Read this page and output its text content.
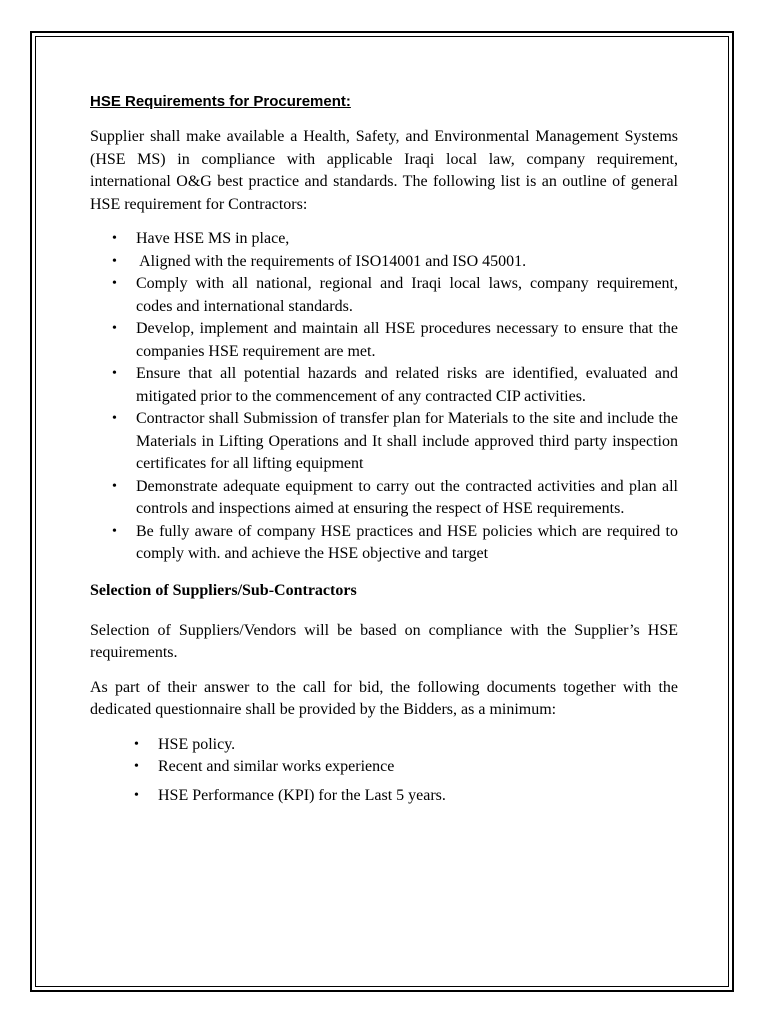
HSE Requirements for Procurement:

Supplier shall make available a Health, Safety, and Environmental Management Systems (HSE MS) in compliance with applicable Iraqi local law, company requirement, international O&G best practice and standards. The following list is an outline of general HSE requirement for Contractors:

• Have HSE MS in place,
• Aligned with the requirements of ISO14001 and ISO 45001.
• Comply with all national, regional and Iraqi local laws, company requirement, codes and international standards.
• Develop, implement and maintain all HSE procedures necessary to ensure that the companies HSE requirement are met.
• Ensure that all potential hazards and related risks are identified, evaluated and mitigated prior to the commencement of any contracted CIP activities.
• Contractor shall Submission of transfer plan for Materials to the site and include the Materials in Lifting Operations and It shall include approved third party inspection certificates for all lifting equipment
• Demonstrate adequate equipment to carry out the contracted activities and plan all controls and inspections aimed at ensuring the respect of HSE requirements.
• Be fully aware of company HSE practices and HSE policies which are required to comply with. and achieve the HSE objective and target
Selection of Suppliers/Sub-Contractors

Selection of Suppliers/Vendors will be based on compliance with the Supplier’s HSE requirements.

As part of their answer to the call for bid, the following documents together with the dedicated questionnaire shall be provided by the Bidders, as a minimum:

• HSE policy.
• Recent and similar works experience
• HSE Performance (KPI) for the Last 5 years.
